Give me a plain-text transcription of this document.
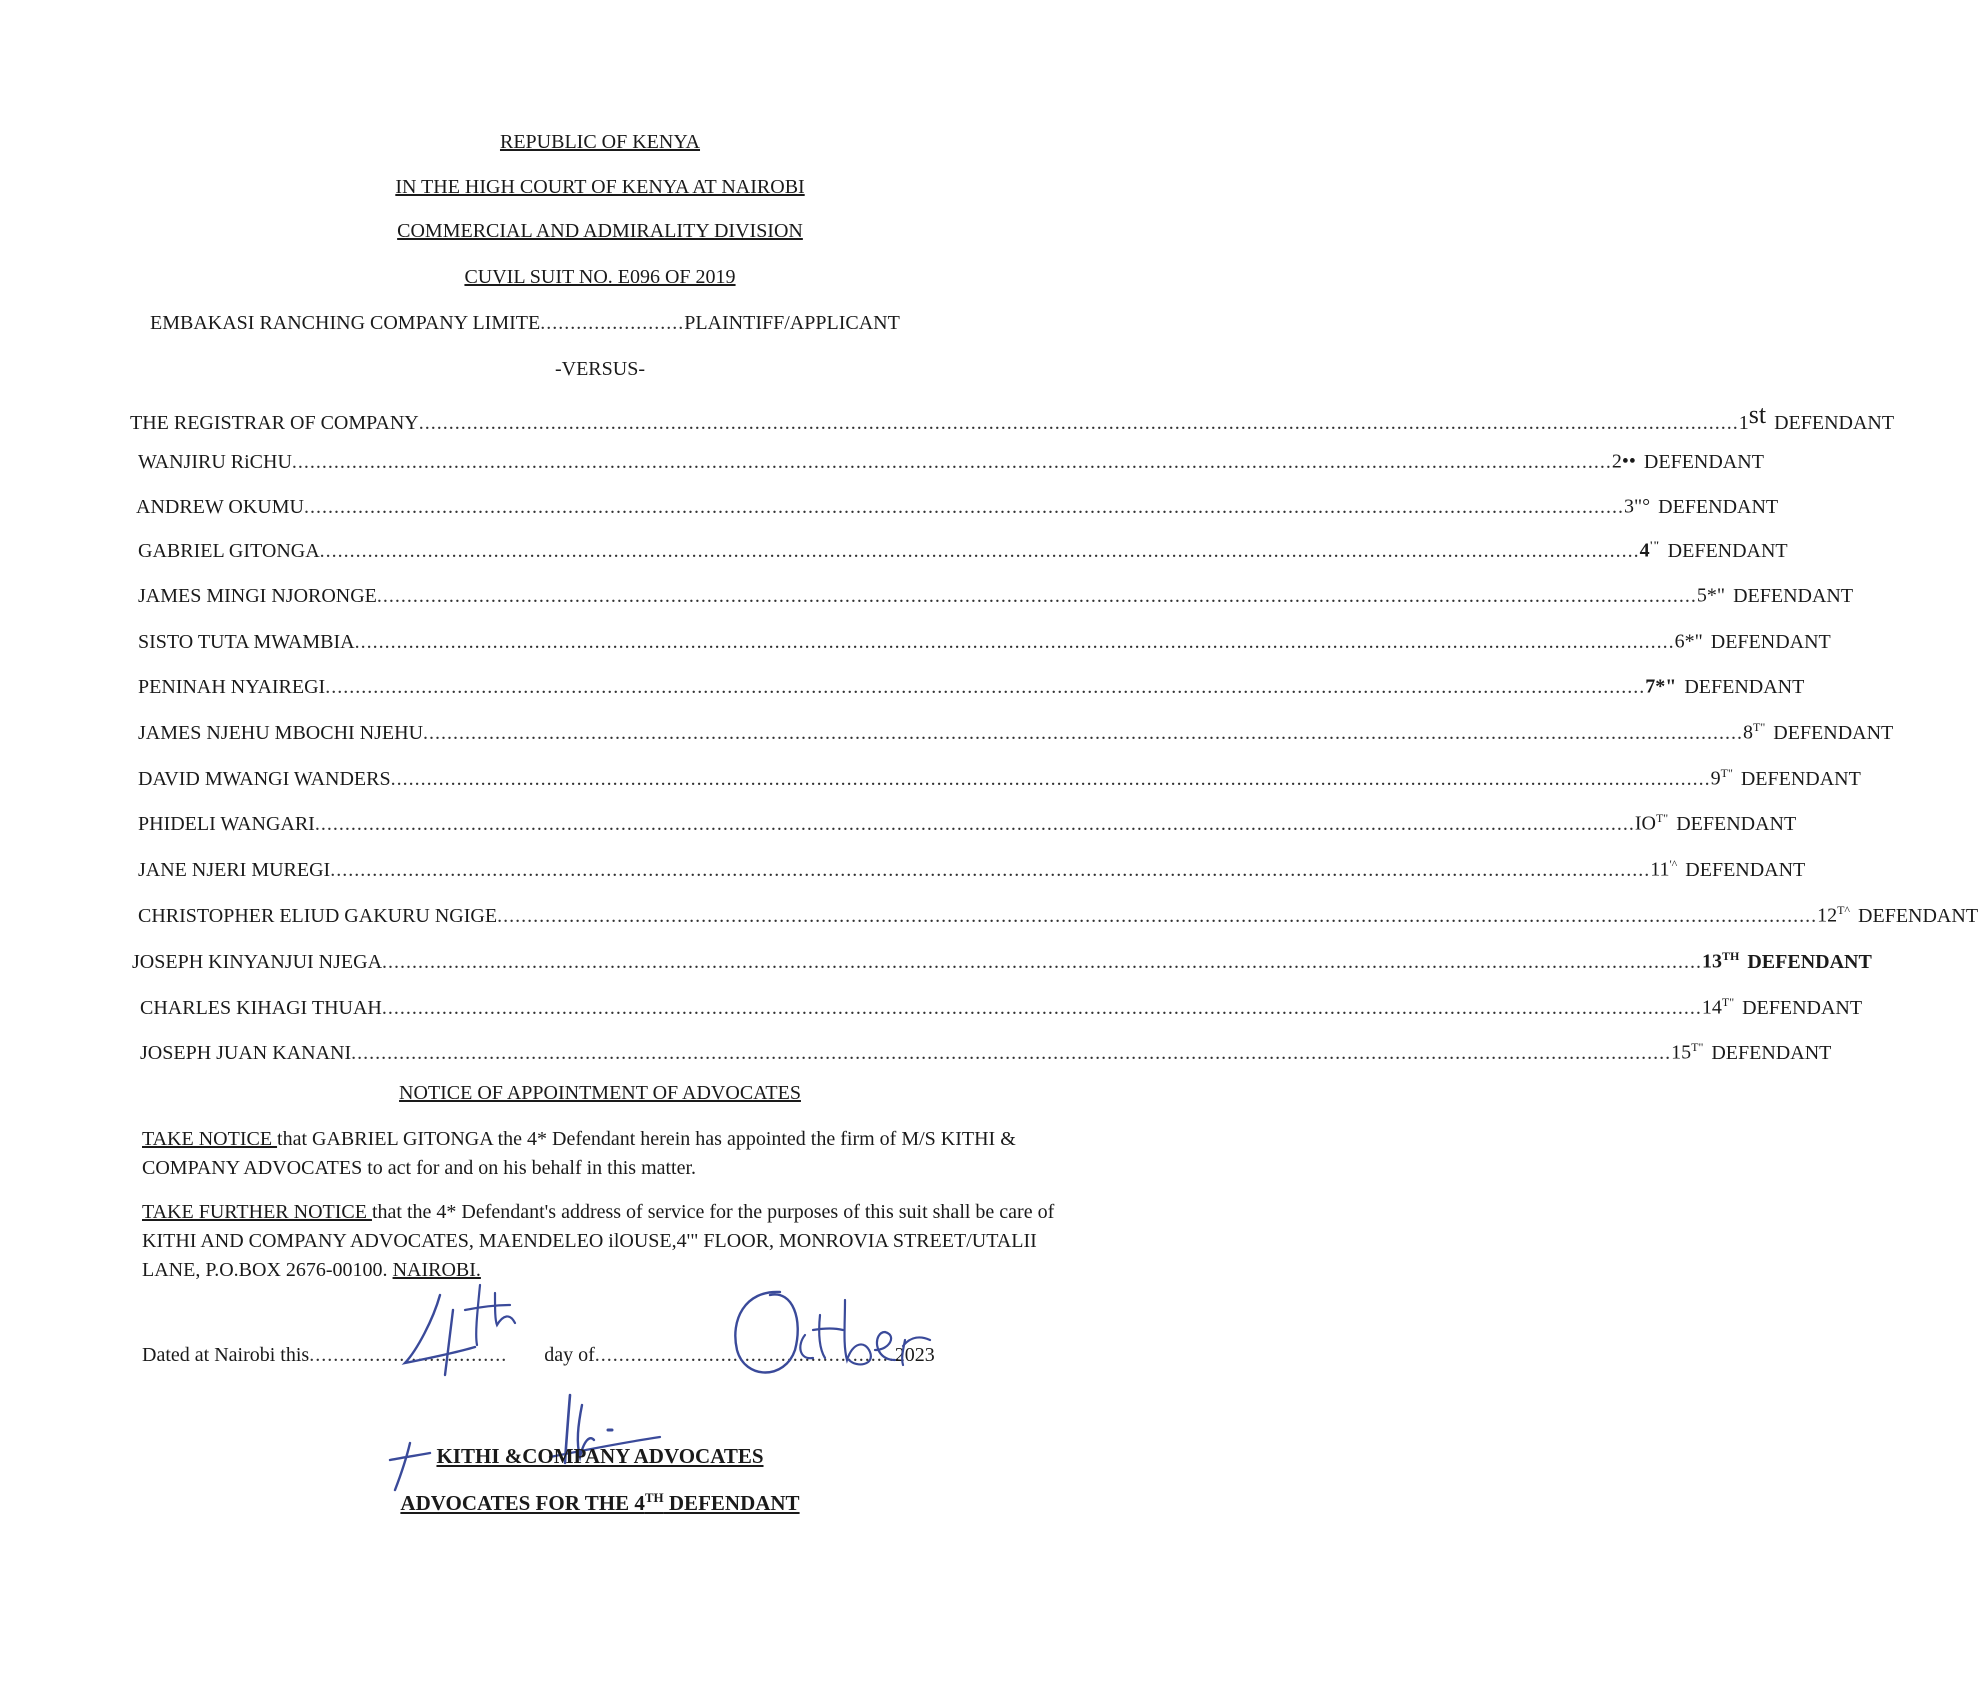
REPUBLIC OF KENYA
IN THE HIGH COURT OF KENYA AT NAIROBI
COMMERCIAL AND ADMIRALITY DIVISION
CUVIL SUIT NO. E096 OF 2019
EMBAKASI RANCHING COMPANY LIMITE ........................ PLAINTIFF/APPLICANT
-VERSUS-
THE REGISTRAR OF COMPANY ............................................................................................................................................................................................................................ 1st DEFENDANT
WANJIRU RiCHU ............................................................................................................................................................................................................................ 2•• DEFENDANT
ANDREW OKUMU ............................................................................................................................................................................................................................ 3"° DEFENDANT
GABRIEL GITONGA ............................................................................................................................................................................................................................ 4'" DEFENDANT
JAMES MINGI NJORONGE ............................................................................................................................................................................................................................ 5*" DEFENDANT
SISTO TUTA MWAMBIA ............................................................................................................................................................................................................................ 6*" DEFENDANT
PENINAH NYAIREGI ............................................................................................................................................................................................................................ 7*" DEFENDANT
JAMES NJEHU MBOCHI NJEHU ............................................................................................................................................................................................................................ $8^{T"}$ DEFENDANT
DAVID MWANGI WANDERS ............................................................................................................................................................................................................................ $9^{T"}$ DEFENDANT
PHIDELI WANGARI ............................................................................................................................................................................................................................ $IO^{T"}$ DEFENDANT
JANE NJERI MUREGI ............................................................................................................................................................................................................................ 11'^ DEFENDANT
CHRISTOPHER ELIUD GAKURU NGIGE ............................................................................................................................................................................................................................ $12^{T\^{}}$ DEFENDANT
JOSEPH KINYANJUI NJEGA ............................................................................................................................................................................................................................ 13TH DEFENDANT
CHARLES KIHAGI THUAH ............................................................................................................................................................................................................................ $14^{T"}$ DEFENDANT
JOSEPH JUAN KANANI ............................................................................................................................................................................................................................ $15^{T"}$ DEFENDANT
NOTICE OF APPOINTMENT OF ADVOCATES
TAKE NOTICE that GABRIEL GITONGA the 4* Defendant herein has appointed the firm of M/S KITHI & COMPANY ADVOCATES to act for and on his behalf in this matter.
TAKE FURTHER NOTICE that the 4* Defendant's address of service for the purposes of this suit shall be care of KITHI AND COMPANY ADVOCATES, MAENDELEO ilOUSE,4'" FLOOR, MONROVIA STREET/UTALII LANE, P.O.BOX 2676-00100. NAIROBI.
Dated at Nairobi this .................................	day of ...................................................
2023
KITHI &COMPANY ADVOCATES
ADVOCATES FOR THE 4TH DEFENDANT
